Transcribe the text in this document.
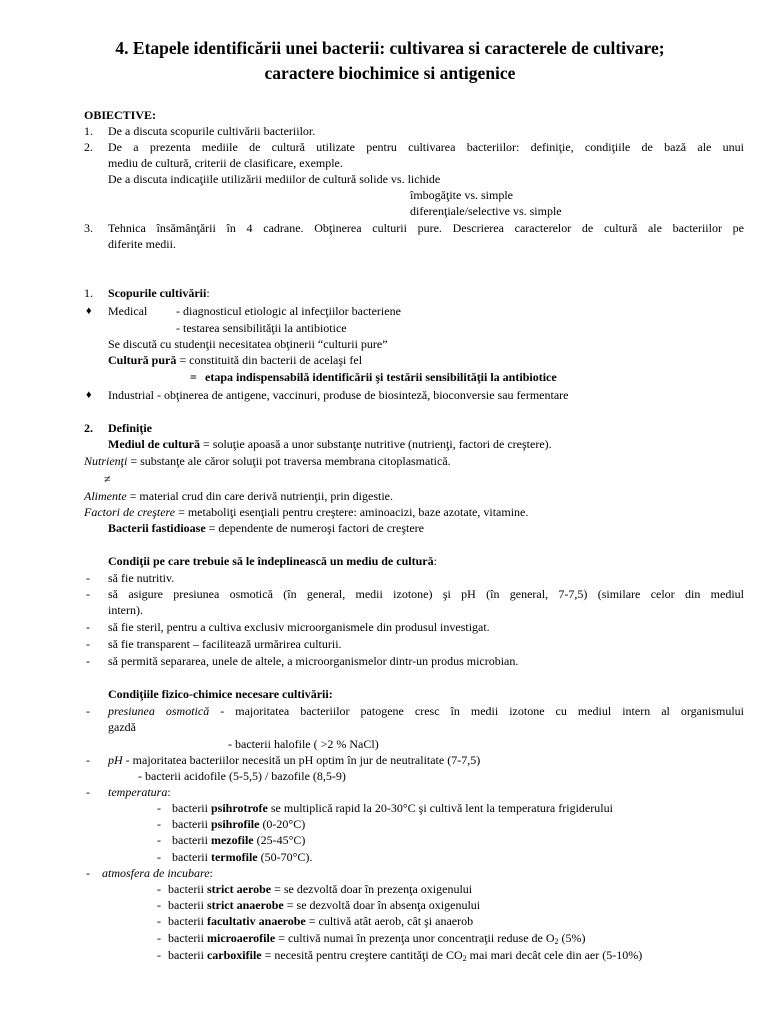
4. Etapele identificării unei bacterii: cultivarea si caracterele de cultivare;
caractere biochimice si antigenice
OBIECTIVE:
1. De a discuta scopurile cultivării bacteriilor.
2. De a prezenta mediile de cultură utilizate pentru cultivarea bacteriilor: definiţie, condiţiile de bază ale unui
mediu de cultură, criterii de clasificare, exemple.
De a discuta indicaţiile utilizării mediilor de cultură solide vs. lichide
îmbogăţite vs. simple
diferenţiale/selective vs. simple
3. Tehnica însămânţării în 4 cadrane. Obţinerea culturii pure. Descrierea caracterelor de cultură ale bacteriilor pe
diferite medii.
1. Scopurile cultivării:
♦ Medical - diagnosticul etiologic al infecţiilor bacteriene
- testarea sensibilităţii la antibiotice
Se discută cu studenţii necesitatea obţinerii “culturii pure”
Cultură pură = constituită din bacterii de acelaşi fel
= etapa indispensabilă identificării şi testării sensibilităţii la antibiotice
♦ Industrial - obţinerea de antigene, vaccinuri, produse de biosinteză, bioconversie sau fermentare
2. Definiţie
Mediul de cultură = soluţie apoasă a unor substanţe nutritive (nutrienţi, factori de creştere).
Nutrienţi = substanţe ale căror soluţii pot traversa membrana citoplasmatică.
≠
Alimente = material crud din care derivă nutrienţii, prin digestie.
Factori de creştere = metaboliţi esenţiali pentru creştere: aminoacizi, baze azotate, vitamine.
Bacterii fastidioase = dependente de numeroşi factori de creştere
Condiţii pe care trebuie să le îndeplinească un mediu de cultură:
- să fie nutritiv.
- să asigure presiunea osmotică (în general, medii izotone) şi pH (în general, 7-7,5) (similare celor din mediul
intern).
- să fie steril, pentru a cultiva exclusiv microorganismele din produsul investigat.
- să fie transparent – facilitează urmărirea culturii.
- să permită separarea, unele de altele, a microorganismelor dintr-un produs microbian.
Condiţiile fizico-chimice necesare cultivării:
- presiunea osmotică - majoritatea bacteriilor patogene cresc în medii izotone cu mediul intern al organismului
gazdă
- bacterii halofile ( >2 % NaCl)
- pH - majoritatea bacteriilor necesită un pH optim în jur de neutralitate (7-7,5)
- bacterii acidofile (5-5,5) / bazofile (8,5-9)
- temperatura:
- bacterii psihrotrofe se multiplică rapid la 20-30°C şi cultivă lent la temperatura frigiderului
- bacterii psihrofile (0-20°C)
- bacterii mezofile (25-45°C)
- bacterii termofile (50-70°C).
- atmosfera de incubare:
- bacterii strict aerobe = se dezvoltă doar în prezenţa oxigenului
- bacterii strict anaerobe = se dezvoltă doar în absenţa oxigenului
- bacterii facultativ anaerobe = cultivă atât aerob, cât şi anaerob
- bacterii microaerofile = cultivă numai în prezenţa unor concentraţii reduse de $O_2$ (5%)
- bacterii carboxifile = necesită pentru creştere cantităţi de $CO_2$ mai mari decât cele din aer (5-10%)
